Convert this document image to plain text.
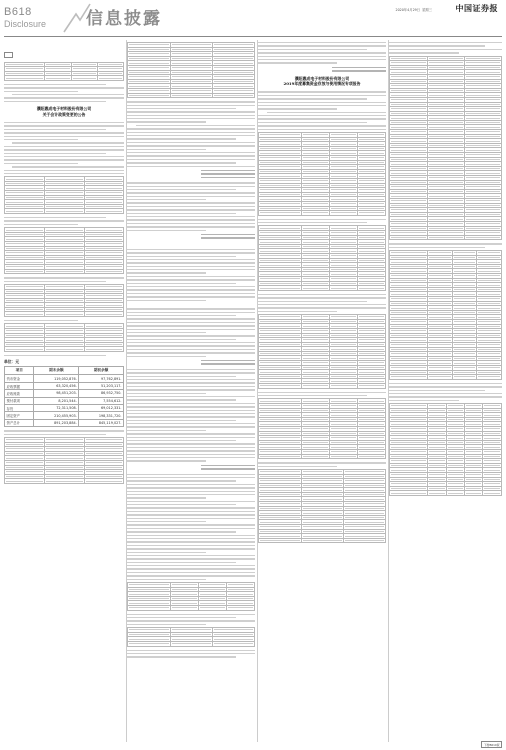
B618
Disclosure 信息披露	2020年4月29日 星期三	中国证券报

濮阳惠成电子材料股份有限公司
关于会计政策变更的公告

单位：元
项目	期末余额	期初余额
货币资金	119,052,876.	97,762,891.
应收票据	63,320,456.	51,203,117.
应收账款	98,451,203.	86,932,750.
预付款项	8,201,544.	7,554,612.
存货	72,311,508.	69,012,331.
固定资产	210,455,903.	198,331,720.
资产总计	891,203,884.	845,119,027.

濮阳惠成电子材料股份有限公司
2019年度募集资金存放与使用情况专项报告

下转B619版
